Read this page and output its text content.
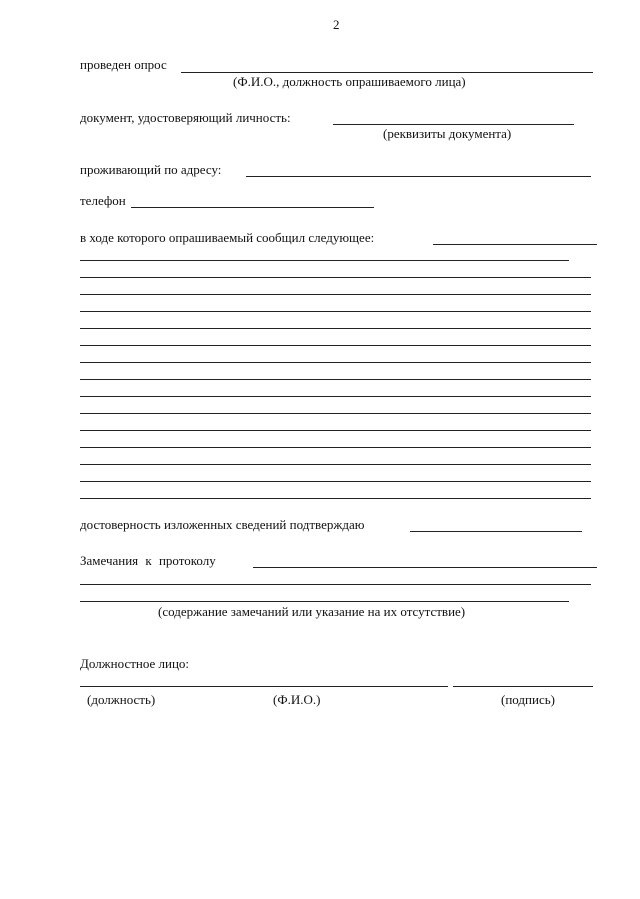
2
проведен опрос
(Ф.И.О., должность опрашиваемого лица)
документ, удостоверяющий личность:
(реквизиты документа)
проживающий по адресу:
телефон
в ходе которого опрашиваемый сообщил следующее:
достоверность изложенных сведений подтверждаю
Замечания к протоколу
(содержание замечаний или указание на их отсутствие)
Должностное лицо:
(должность)	(Ф.И.О.)	(подпись)
